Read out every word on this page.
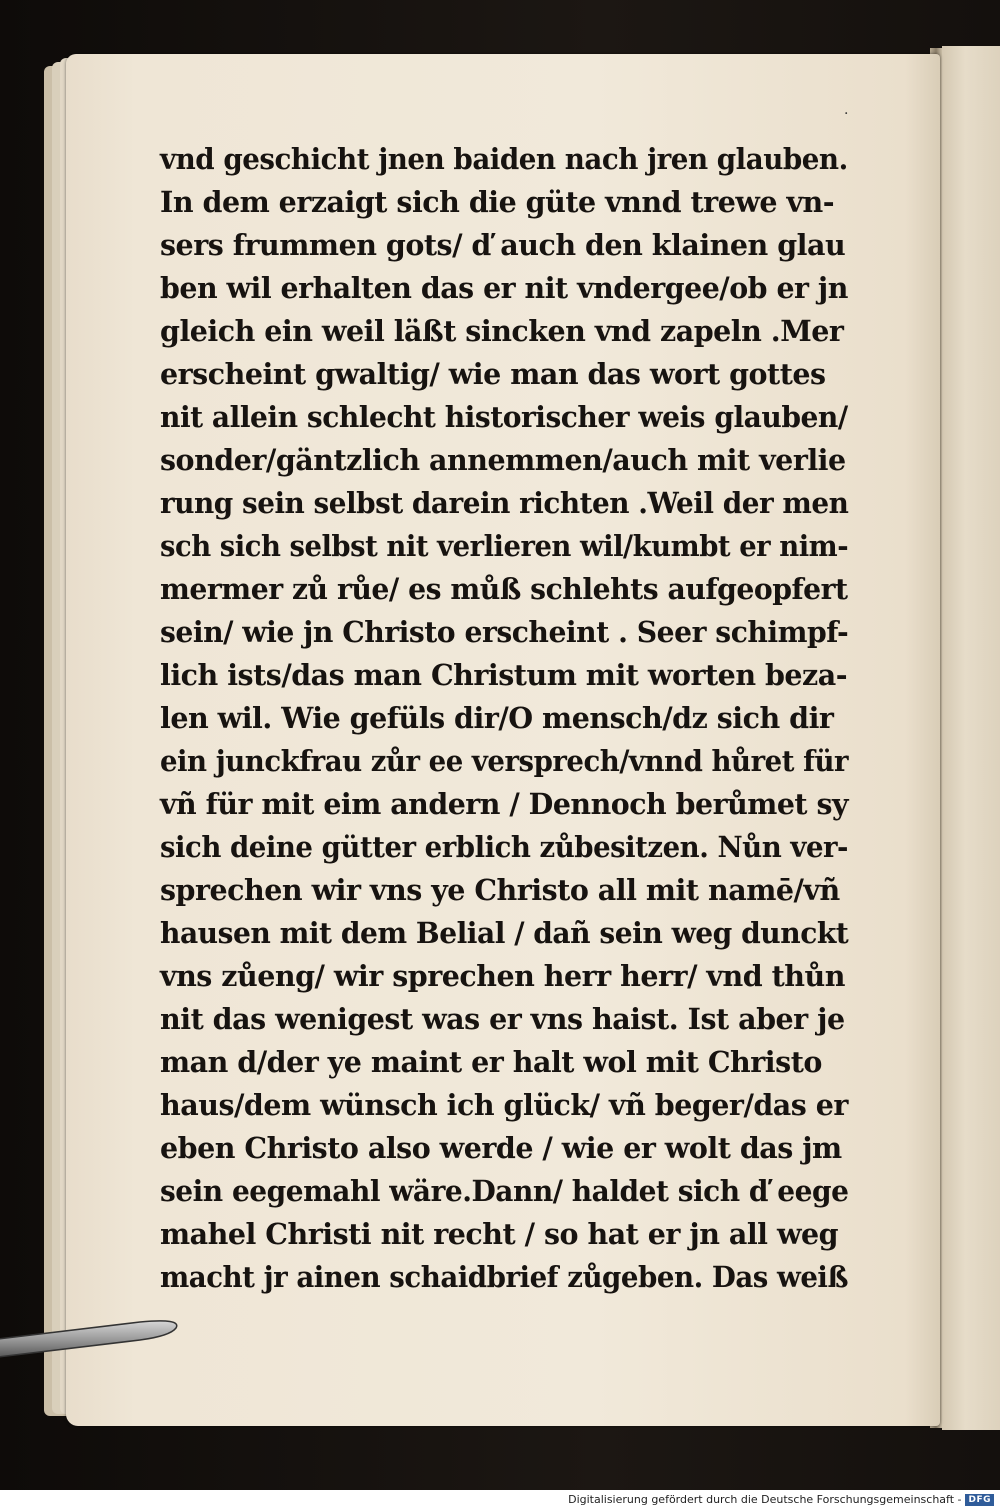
·
vnd geschicht jnen baiden nach jren glauben.
In dem erzaigt sich die güte vnnd trewe vn-
sers frummen gots/ ď auch den klainen glau
ben wil erhalten das er nit vndergee/ob er jn
gleich ein weil läßt sincken vnd zapeln .Mer
erscheint gwaltig/ wie man das wort gottes
nit allein schlecht historischer weis glauben/
sonder/gäntzlich annemmen/auch mit verlie
rung sein selbst darein richten .Weil der men
sch sich selbst nit verlieren wil/kumbt er nim-
mermer zů růe/ es můß schlehts aufgeopfert
sein/ wie jn Christo erscheint . Seer schimpf-
lich ists/das man Christum mit worten beza-
len wil. Wie gefüls dir/O mensch/dz sich dir
ein junckfrau zůr ee versprech/vnnd hůret für
vñ für mit eim andern / Dennoch berůmet sy
sich deine gütter erblich zůbesitzen. Nůn ver-
sprechen wir vns ye Christo all mit namē/vñ
hausen mit dem Belial / dañ sein weg dunckt
vns zůeng/ wir sprechen herr herr/ vnd thůn
nit das wenigest was er vns haist. Ist aber je
man d/der ye maint er halt wol mit Christo
haus/dem wünsch ich glück/ vñ beger/das er
eben Christo also werde / wie er wolt das jm
sein eegemahl wäre.Dann/ haldet sich ď eege
mahel Christi nit recht / so hat er jn all weg
macht jr ainen schaidbrief zůgeben. Das weiß
Digitalisierung gefördert durch die Deutsche Forschungsgemeinschaft - DFG
